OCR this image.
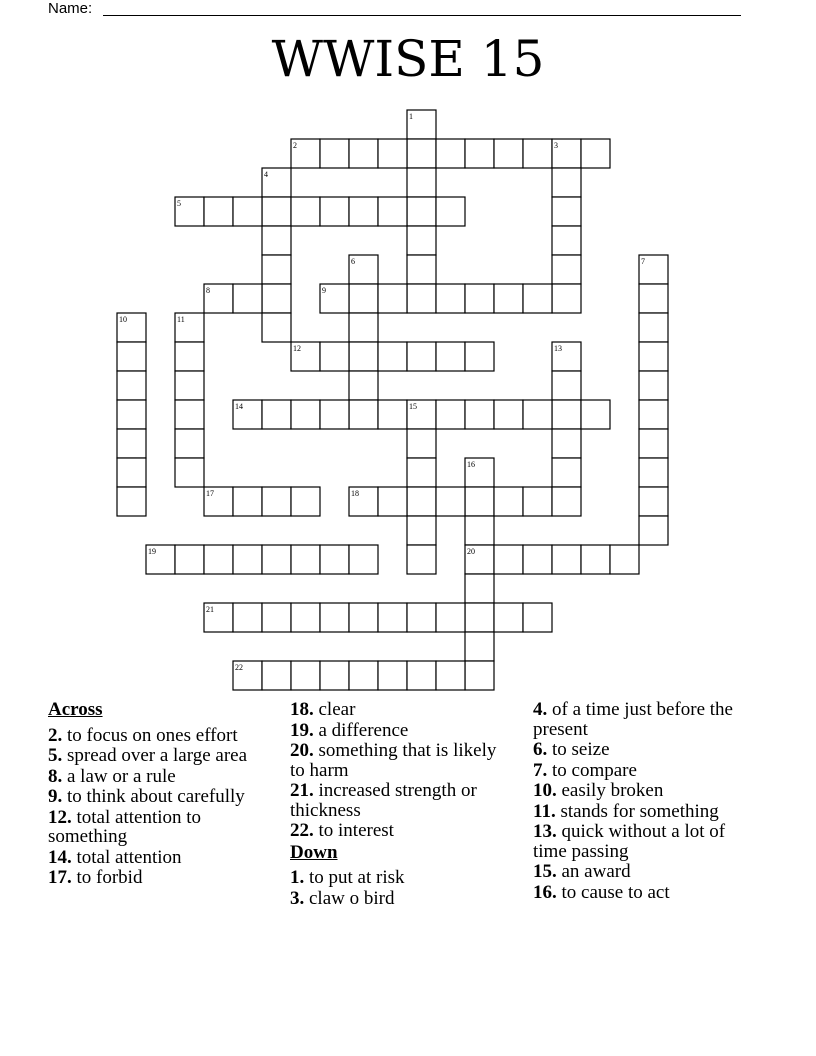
Name:
WWISE 15
1
2	3
4
5
6	7
8	9
10	11
12	13
14	15
16
17	18
19	20
21
22
Across
2. to focus on ones effort
5. spread over a large area
8. a law or a rule
9. to think about carefully
12. total attention to something
14. total attention
17. to forbid
18. clear
19. a difference
20. something that is likely to harm
21. increased strength or thickness
22. to interest
Down
1. to put at risk
3. claw o bird
4. of a time just before the present
6. to seize
7. to compare
10. easily broken
11. stands for something
13. quick without a lot of time passing
15. an award
16. to cause to act
